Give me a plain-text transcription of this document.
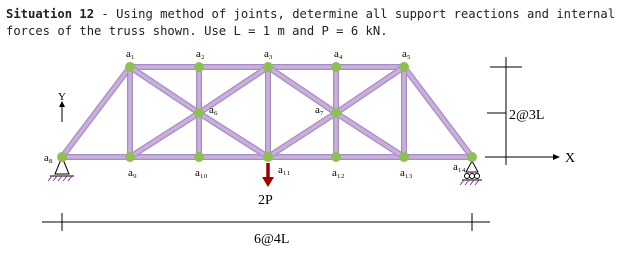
Situation 12 - Using method of joints, determine all support reactions and internal forces of the truss shown. Use L = 1 m and P = 6 kN.
a₁	a₂	a₃	a₄	a₅
a₆	a₇
a₈
a₉	a₁₀	a₁₁	a₁₂	a₁₃	a₁₄
2P
Y
X
2@3L
6@4L
